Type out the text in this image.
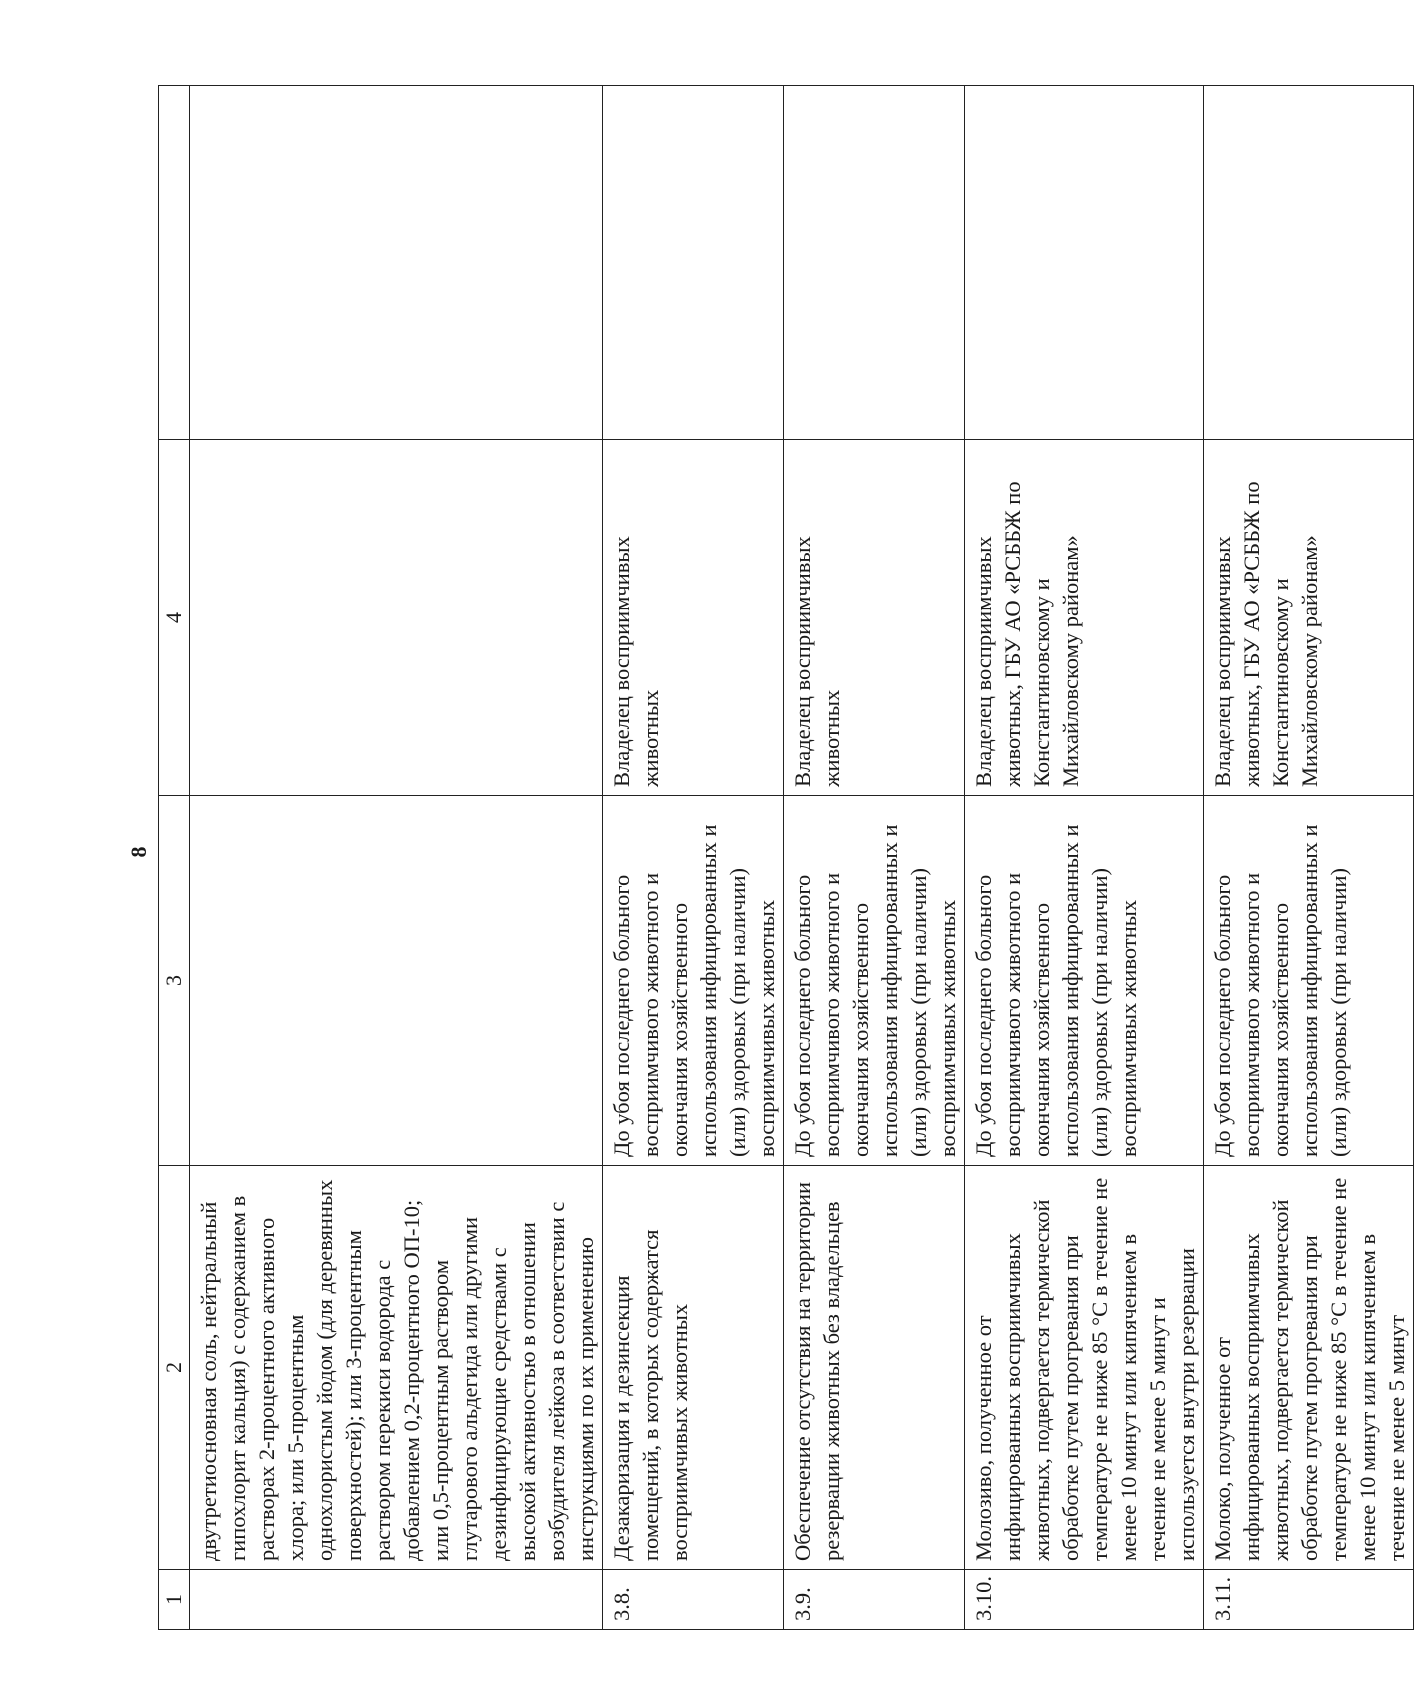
8
1	2	3	4	
	двутретиосновная соль, нейтральный гипохлорит кальция) с содержанием в растворах 2-процентного активного хлора; или 5-процентным однохлористым йодом (для деревянных поверхностей); или 3-процентным раствором перекиси водорода с добавлением 0,2-процентного ОП-10; или 0,5-процентным раствором глутарового альдегида или другими дезинфицирующие средствами с высокой активностью в отношении возбудителя лейкоза в соответствии с инструкциями по их применению			
3.8.	Дезакаризация и дезинсекция помещений, в которых содержатся восприимчивых животных	До убоя последнего больного восприимчивого животного и окончания хозяйственного использования инфицированных и (или) здоровых (при наличии) восприимчивых животных	Владелец восприимчивых животных	
3.9.	Обеспечение отсутствия на территории резервации животных без владельцев	До убоя последнего больного восприимчивого животного и окончания хозяйственного использования инфицированных и (или) здоровых (при наличии) восприимчивых животных	Владелец восприимчивых животных	
3.10.	Молозиво, полученное от инфицированных восприимчивых животных, подвергается термической обработке путем прогревания при температуре не ниже 85 °С в течение не менее 10 минут или кипячением в течение не менее 5 минут и используется внутри резервации	До убоя последнего больного восприимчивого животного и окончания хозяйственного использования инфицированных и (или) здоровых (при наличии) восприимчивых животных	Владелец восприимчивых животных, ГБУ АО «РСББЖ по Константиновскому и Михайловскому районам»	
3.11.	Молоко, полученное от инфицированных восприимчивых животных, подвергается термической обработке путем прогревания при температуре не ниже 85 °С в течение не менее 10 минут или кипячением в течение не менее 5 минут	До убоя последнего больного восприимчивого животного и окончания хозяйственного использования инфицированных и (или) здоровых (при наличии)	Владелец восприимчивых животных, ГБУ АО «РСББЖ по Константиновскому и Михайловскому районам»	
